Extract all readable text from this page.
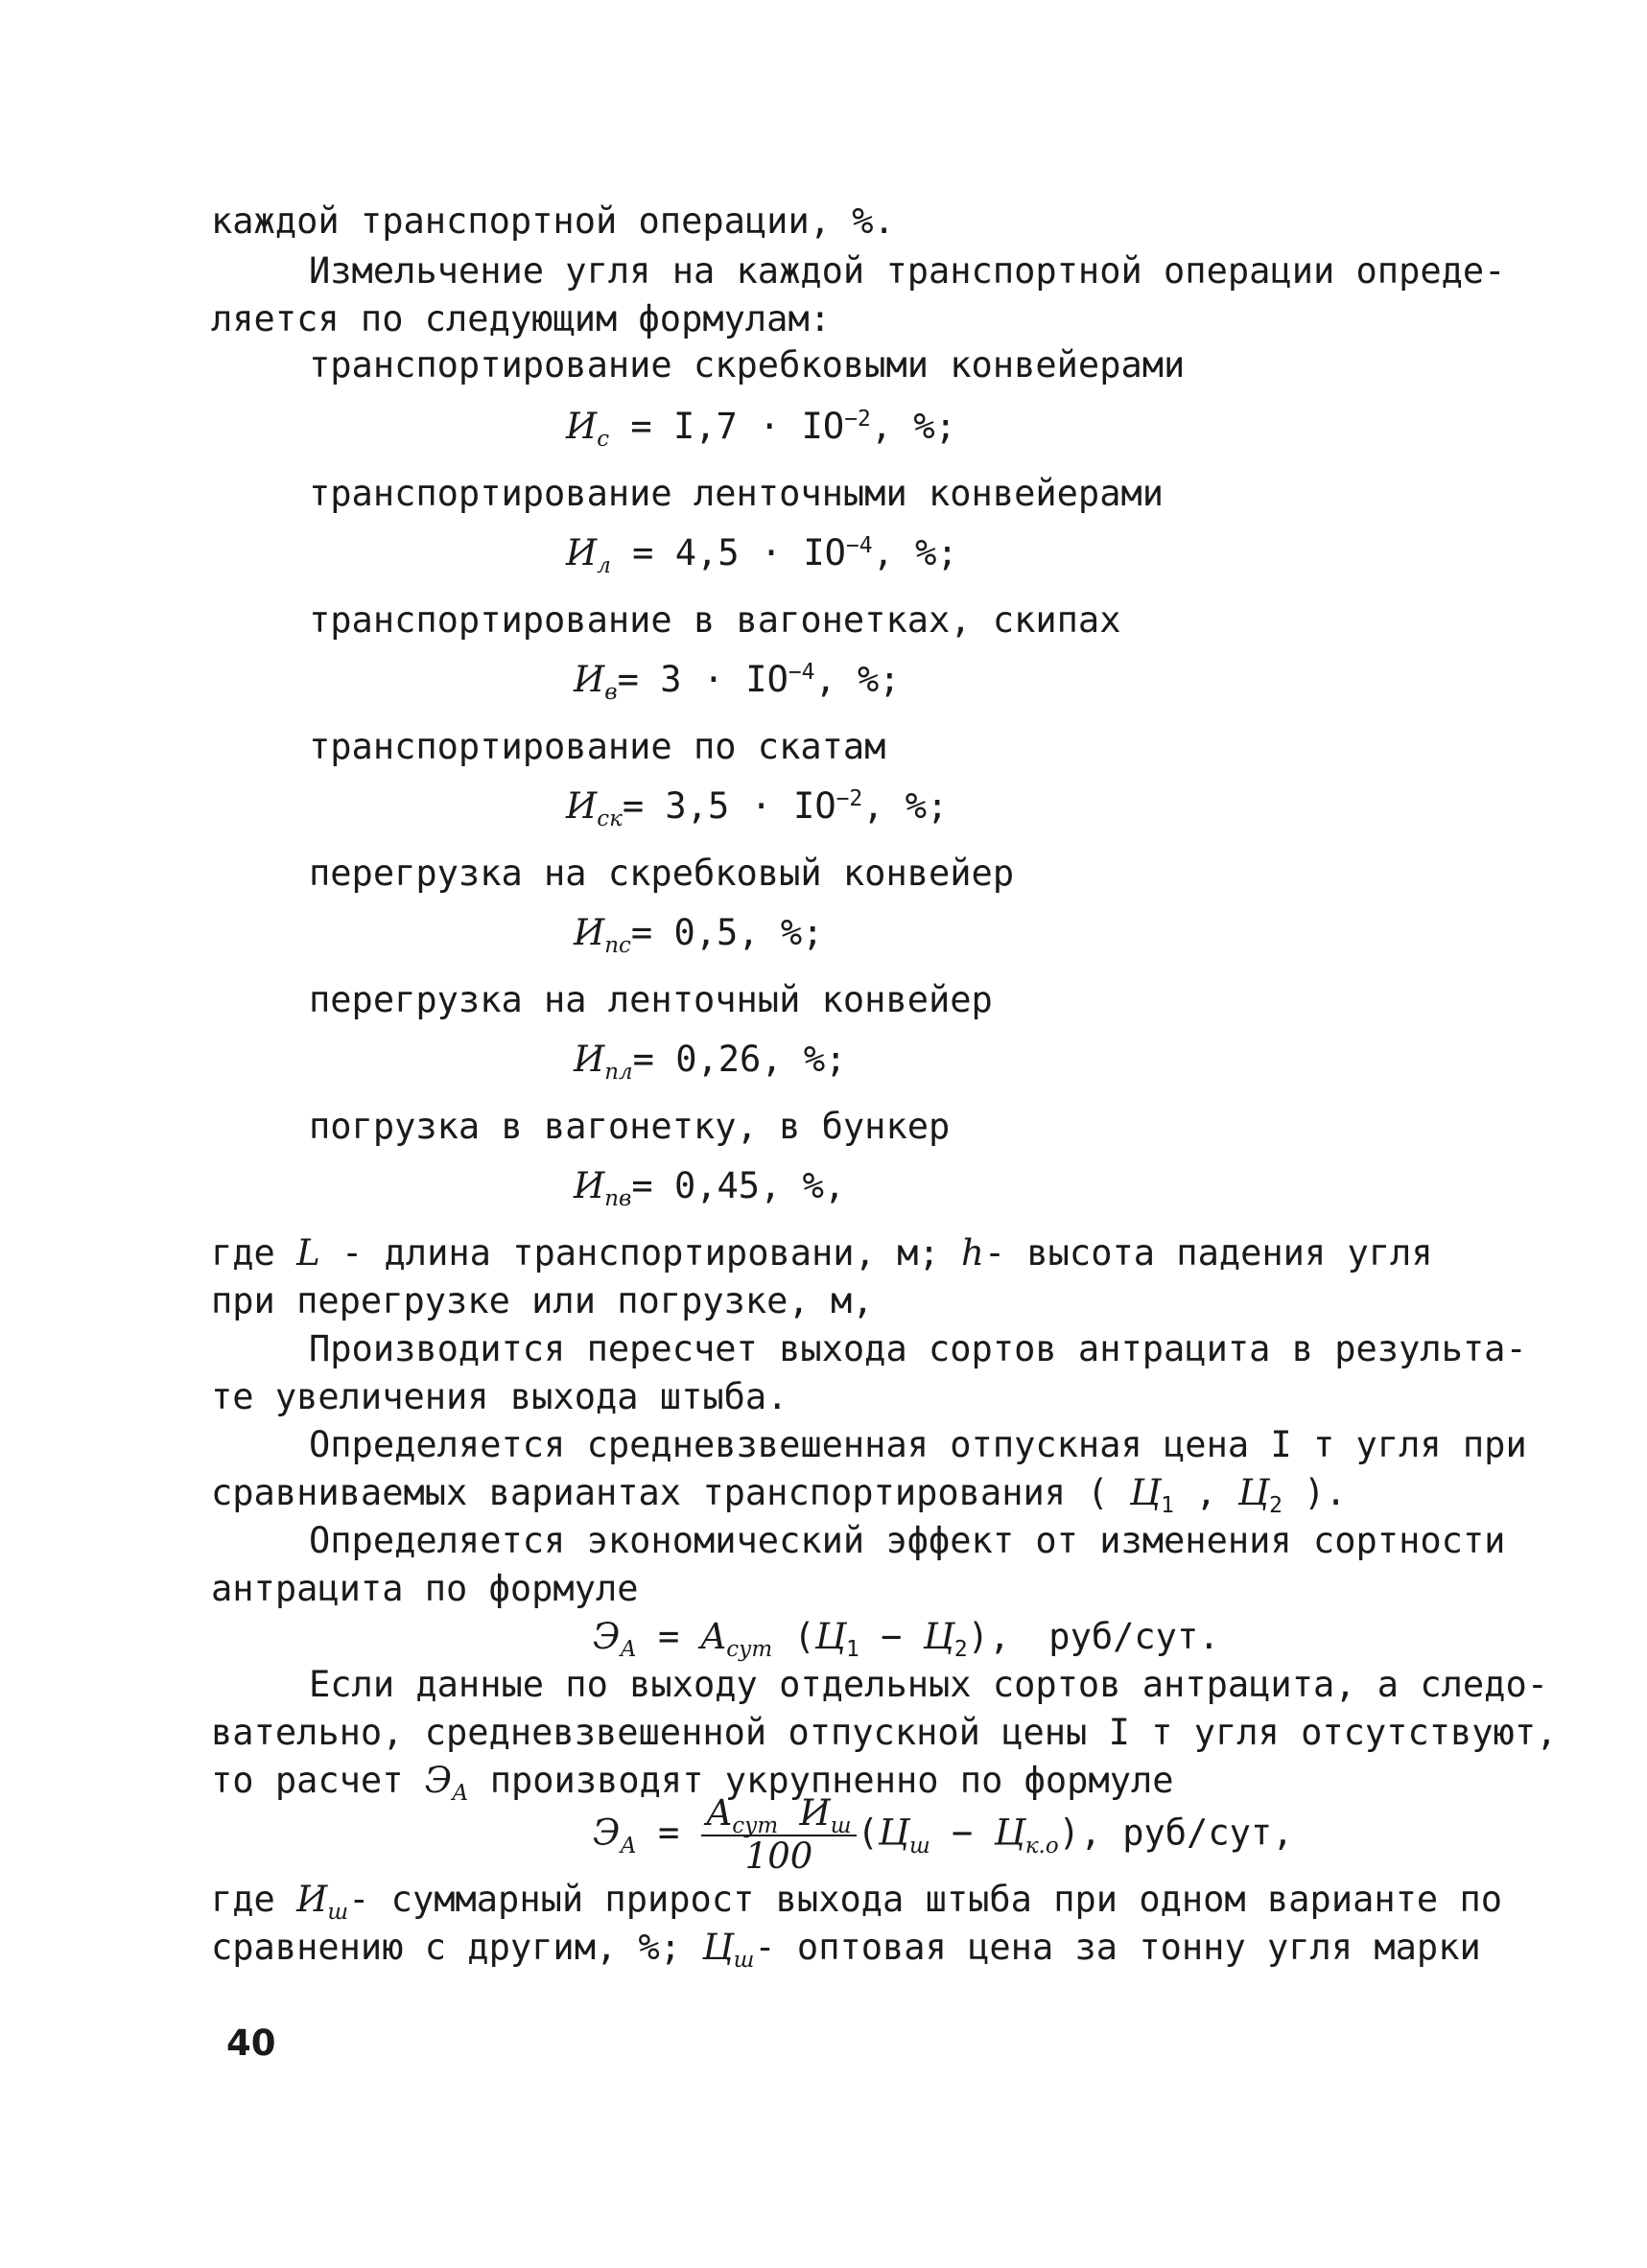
каждой транспортной операции, %.
Измельчение угля на каждой транспортной операции опреде-
ляется по следующим формулам:
транспортирование скребковыми конвейерами
$И_с = I,7 \cdot IO^{-2}$, %;
транспортирование ленточными конвейерами
$И_л = 4,5 \cdot IO^{-4}$, %;
транспортирование в вагонетках, скипах
$И_в= 3 \cdot IO^{-4}$, %;
транспортирование по скатам
$И_{ск}= 3,5 \cdot IO^{-2}$, %;
перегрузка на скребковый конвейер
$И_{пс}= 0,5$, %;
перегрузка на ленточный конвейер
$И_{пл}= 0,26$, %;
погрузка в вагонетку, в бункер
$И_{пв}= 0,45$, %,
где L - длина транспортировани, м; h- высота падения угля
при перегрузке или погрузке, м,
Производится пересчет выхода сортов антрацита в результа-
те увеличения выхода штыба.
Определяется средневзвешенная отпускная цена I т угля при
сравниваемых вариантах транспортирования ( $Ц_1$ , $Ц_2$ ).
Определяется экономический эффект от изменения сортности
антрацита по формуле
$Э_А = A_{сут}$ $(Ц_1 - Ц_2)$, руб/сут.
Если данные по выходу отдельных сортов антрацита, а следо-
вательно, средневзвешенной отпускной цены I т угля отсутствуют,
то расчет $Э_А$ производят укрупненно по формуле
$Э_А = \frac{A_{сут} И_ш}{100} (Ц_ш - Ц_{к.о})$, руб/сут,
где $И_ш-$ суммарный прирост выхода штыба при одном варианте по
сравнению с другим, %; $Ц_ш-$ оптовая цена за тонну угля марки
40
